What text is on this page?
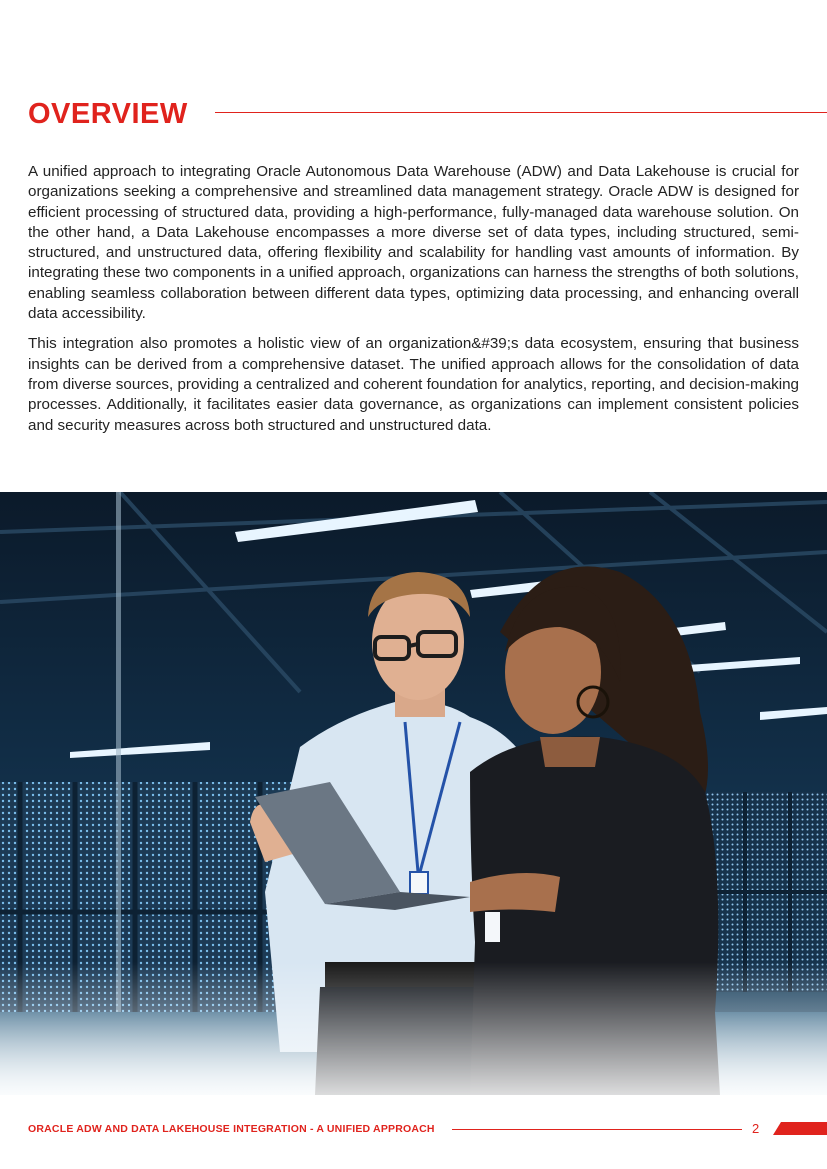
OVERVIEW

A unified approach to integrating Oracle Autonomous Data Warehouse (ADW) and Data Lakehouse is crucial for organizations seeking a comprehensive and streamlined data management strategy. Oracle ADW is designed for efficient processing of structured data, providing a high-performance, fully-managed data warehouse solution. On the other hand, a Data Lakehouse encompasses a more diverse set of data types, including structured, semi-structured, and unstructured data, offering flexibility and scalability for handling vast amounts of information. By integrating these two components in a unified approach, organizations can harness the strengths of both solutions, enabling seamless collaboration between different data types, optimizing data processing, and enhancing overall data accessibility.

This integration also promotes a holistic view of an organization&#39;s data ecosystem, ensuring that business insights can be derived from a comprehensive dataset. The unified approach allows for the consolidation of data from diverse sources, providing a centralized and coherent foundation for analytics, reporting, and decision-making processes. Additionally, it facilitates easier data governance, as organizations can implement consistent policies and security measures across both structured and unstructured data.

ORACLE ADW AND DATA LAKEHOUSE INTEGRATION - A UNIFIED APPROACH	2
